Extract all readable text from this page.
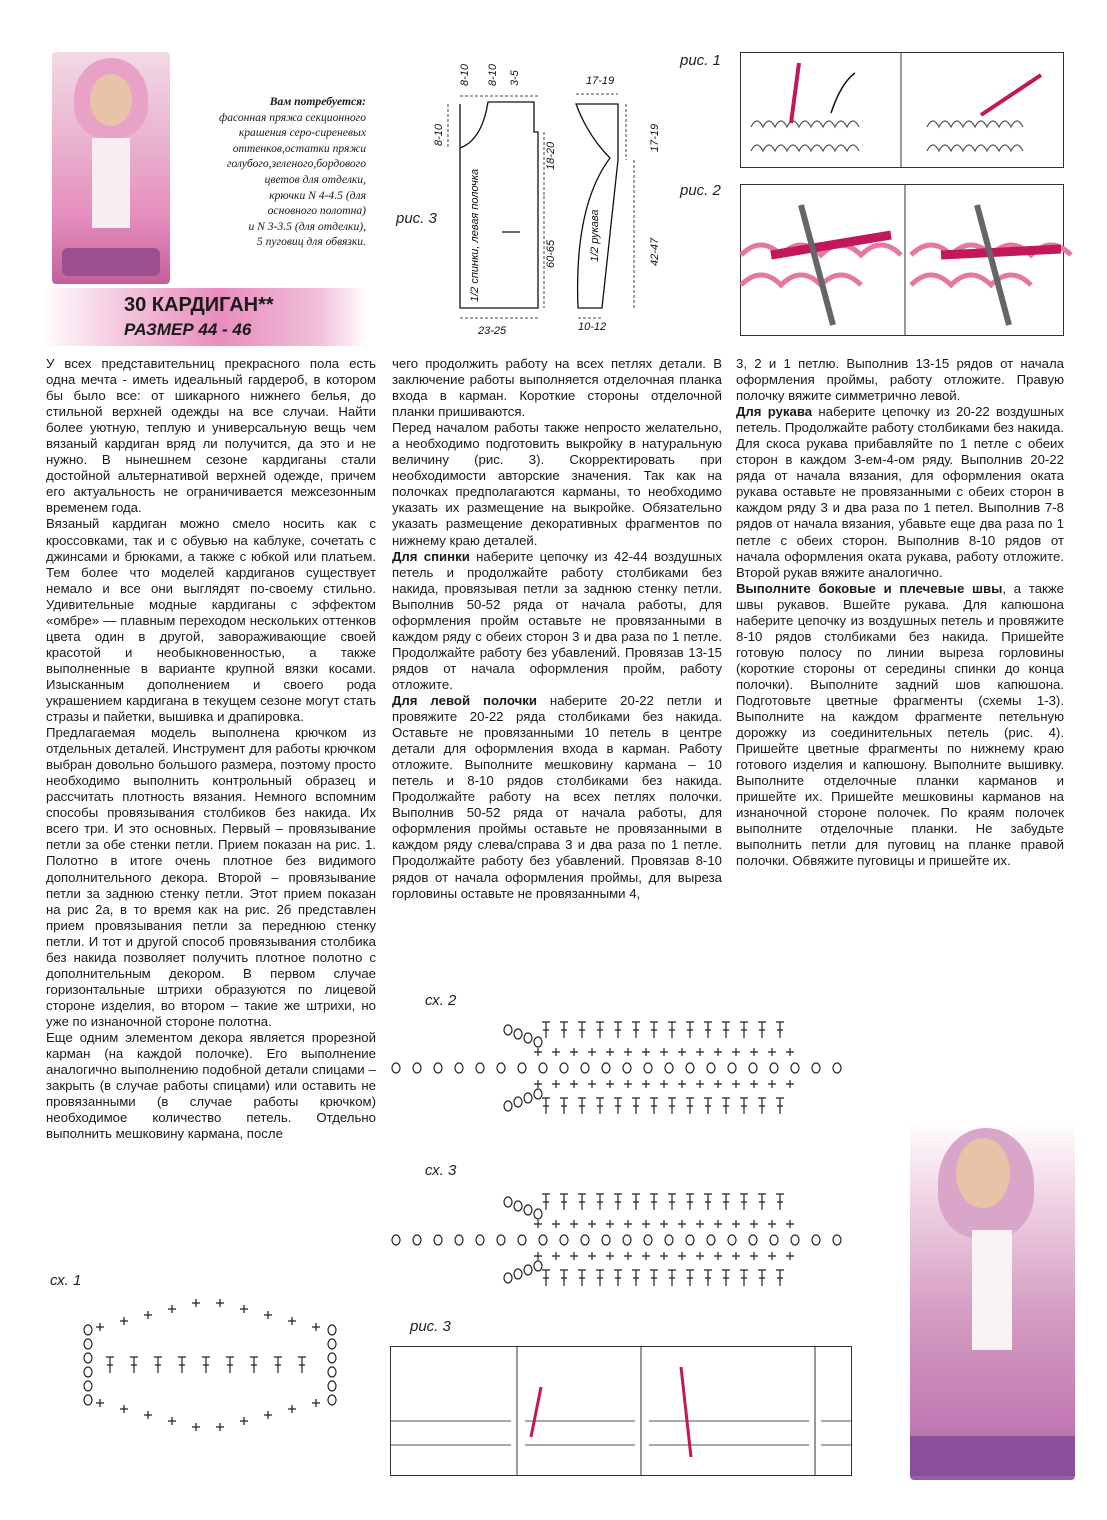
Вам потребуется:
фасонная пряжа секционного
крашения серо-сиреневых
оттенков,остатки пряжи
голубого,зеленого,бордового
цветов для отделки,
крючки N 4-4.5 (для
основного полотна)
и N 3-3.5 (для отделки),
5 пуговиц для обвязки.
30 КАРДИГАН**
РАЗМЕР 44 - 46
рис. 3
8-10 8-10 3-5
8-10
18-20
60-65
23-25
17-19
17-19
42-47
10-12
1/2 спинки, левая полочка	1/2 рукава
рис. 1
рис. 2

У всех представительниц прекрасного пола есть одна мечта - иметь идеальный гардероб, в котором бы было все: от шикарного нижнего белья, до стильной верхней одежды на все случаи. Найти более уютную, теплую и универсальную вещь чем вязаный кардиган вряд ли получится, да это и не нужно. В нынешнем сезоне кардиганы стали достойной альтернативой верхней одежде, причем его актуальность не ограничивается межсезонным временем года.

Вязаный кардиган можно смело носить как с кроссовками, так и с обувью на каблуке, сочетать с джинсами и брюками, а также с юбкой или платьем. Тем более что моделей кардиганов существует немало и все они выглядят по-своему стильно. Удивительные модные кардиганы с эффектом «омбре» — плавным переходом нескольких оттенков цвета один в другой, завораживающие своей красотой и необыкновенностью, а также выполненные в варианте крупной вязки косами. Изысканным дополнением и своего рода украшением кардигана в текущем сезоне могут стать стразы и пайетки, вышивка и драпировка.

Предлагаемая модель выполнена крючком из отдельных деталей. Инструмент для работы крючком выбран довольно большого размера, поэтому просто необходимо выполнить контрольный образец и рассчитать плотность вязания. Немного вспомним способы провязывания столбиков без накида. Их всего три. И это основных. Первый – провязывание петли за обе стенки петли. Прием показан на рис. 1. Полотно в итоге очень плотное без видимого дополнительного декора. Второй – провязывание петли за заднюю стенку петли. Этот прием показан на рис 2а, в то время как на рис. 2б представлен прием провязывания петли за переднюю стенку петли. И тот и другой способ провязывания столбика без накида позволяет получить плотное полотно с дополнительным декором. В первом случае горизонтальные штрихи образуются по лицевой стороне изделия, во втором – такие же штрихи, но уже по изнаночной стороне полотна.

Еще одним элементом декора является прорезной карман (на каждой полочке). Его выполнение аналогично выполнению подобной детали спицами – закрыть (в случае работы спицами) или оставить не провязанными (в случае работы крючком) необходимое количество петель. Отдельно выполнить мешковину кармана, после

чего продолжить работу на всех петлях детали. В заключение работы выполняется отделочная планка входа в карман. Короткие стороны отделочной планки пришиваются.

Перед началом работы также непросто желательно, а необходимо подготовить выкройку в натуральную величину (рис. 3). Скорректировать при необходимости авторские значения. Так как на полочках предполагаются карманы, то необходимо указать их размещение на выкройке. Обязательно указать размещение декоративных фрагментов по нижнему краю деталей.

Для спинки наберите цепочку из 42-44 воздушных петель и продолжайте работу столбиками без накида, провязывая петли за заднюю стенку петли. Выполнив 50-52 ряда от начала работы, для оформления пройм оставьте не провязанными в каждом ряду с обеих сторон 3 и два раза по 1 петле. Продолжайте работу без убавлений. Провязав 13-15 рядов от начала оформления пройм, работу отложите.

Для левой полочки наберите 20-22 петли и провяжите 20-22 ряда столбиками без накида. Оставьте не провязанными 10 петель в центре детали для оформления входа в карман. Работу отложите. Выполните мешковину кармана – 10 петель и 8-10 рядов столбиками без накида. Продолжайте работу на всех петлях полочки. Выполнив 50-52 ряда от начала работы, для оформления проймы оставьте не провязанными в каждом ряду слева/справа 3 и два раза по 1 петле. Продолжайте работу без убавлений. Провязав 8-10 рядов от начала оформления проймы, для выреза горловины оставьте не провязанными 4,

3, 2 и 1 петлю. Выполнив 13-15 рядов от начала оформления проймы, работу отложите. Правую полочку вяжите симметрично левой.

Для рукава наберите цепочку из 20-22 воздушных петель. Продолжайте работу столбиками без накида. Для скоса рукава прибавляйте по 1 петле с обеих сторон в каждом 3-ем-4-ом ряду. Выполнив 20-22 ряда от начала вязания, для оформления оката рукава оставьте не провязанными с обеих сторон в каждом ряду 3 и два раза по 1 петел. Выполнив 7-8 рядов от начала вязания, убавьте еще два раза по 1 петле с обеих сторон. Выполнив 8-10 рядов от начала оформления оката рукава, работу отложите. Второй рукав вяжите аналогично.

Выполните боковые и плечевые швы, а также швы рукавов. Вшейте рукава. Для капюшона наберите цепочку из воздушных петель и провяжите 8-10 рядов столбиками без накида. Пришейте готовую полосу по линии выреза горловины (короткие стороны от середины спинки до конца полочки). Выполните задний шов капюшона. Подготовьте цветные фрагменты (схемы 1-3). Выполните на каждом фрагменте петельную дорожку из соединительных петель (рис. 4). Пришейте цветные фрагменты по нижнему краю готового изделия и капюшону. Выполните вышивку. Выполните отделочные планки карманов и пришейте их. Пришейте мешковины карманов на изнаночной стороне полочек. По краям полочек выполните отделочные планки. Не забудьте выполнить петли для пуговиц на планке правой полочки. Обвяжите пуговицы и пришейте их.

сх. 2
сх. 3
сх. 1
рис. 3
